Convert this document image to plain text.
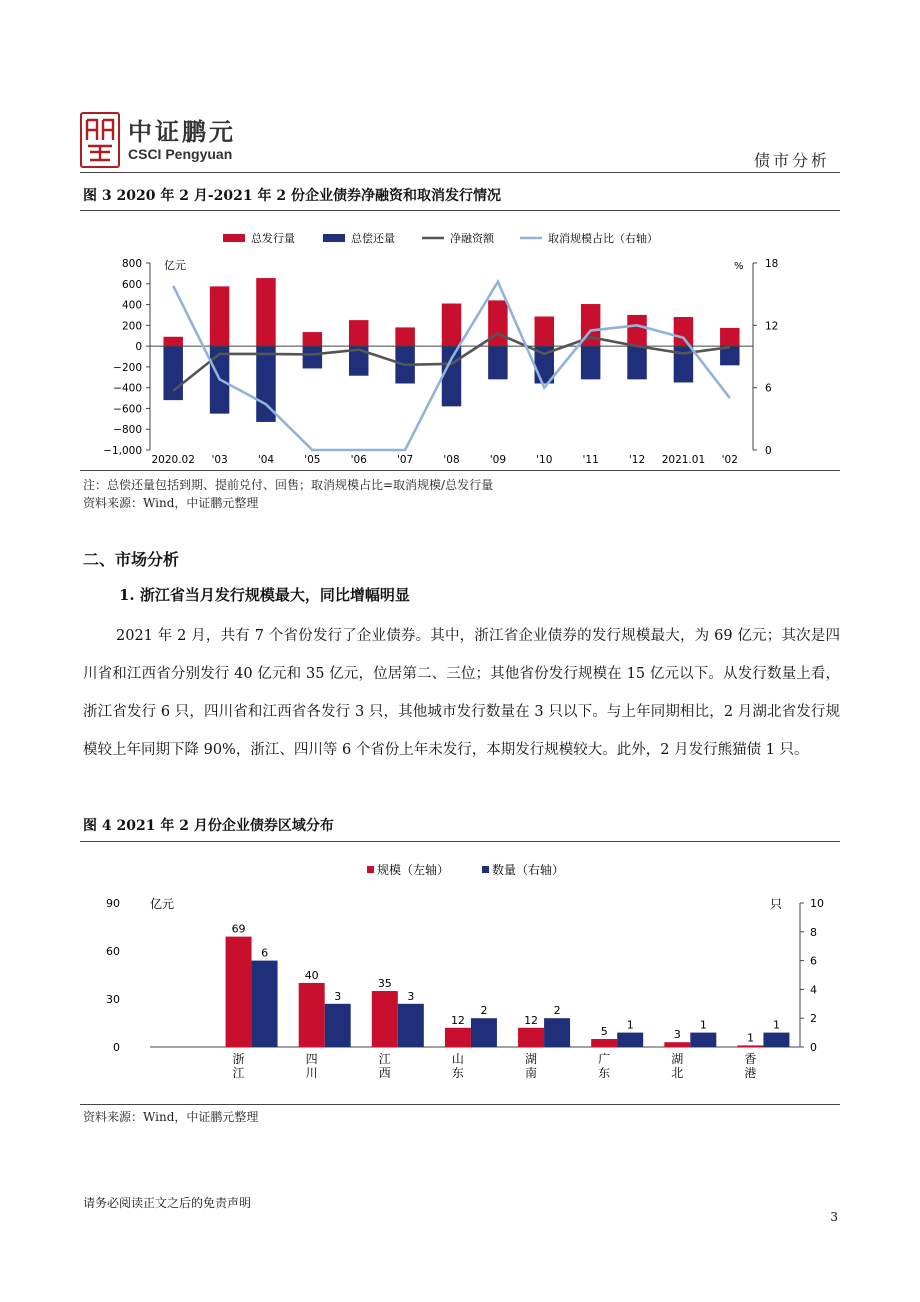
中证鹏元
CSCI Pengyuan	债市分析
图 3 2020 年 2 月-2021 年 2 份企业债券净融资和取消发行情况
总发行量	总偿还量	净融资额	取消规模占比（右轴）
亿元	%
800
600
400
200
0
−200
−400
−600
−800
−1,000
18
12
6
0
2020.02 '03	'04	'05	'06	'07	'08	'09	'10	'11	'12 2021.01 '02
注：总偿还量包括到期、提前兑付、回售；取消规模占比=取消规模/总发行量
资料来源：Wind，中证鹏元整理
二、市场分析
1. 浙江省当月发行规模最大，同比增幅明显

2021 年 2 月，共有 7 个省份发行了企业债券。其中，浙江省企业债券的发行规模最大，为 69 亿元；其次是四川省和江西省分别发行 40 亿元和 35 亿元，位居第二、三位；其他省份发行规模在 15 亿元以下。从发行数量上看，浙江省发行 6 只，四川省和江西省各发行 3 只，其他城市发行数量在 3 只以下。与上年同期相比，2 月湖北省发行规模较上年同期下降 90%，浙江、四川等 6 个省份上年未发行，本期发行规模较大。此外，2 月发行熊猫债 1 只。

图 4 2021 年 2 月份企业债券区域分布
规模（左轴）	数量（右轴）
亿元	只
90
60
30
0
10
8
6
4
2
0
69
40
35
12	12
5	3	1
6
3	3
2	2
1	1	1
浙
江
四
川
江
西
山
东
湖
南
广
东
湖
北
香
港
资料来源：Wind，中证鹏元整理
请务必阅读正文之后的免责声明
3
